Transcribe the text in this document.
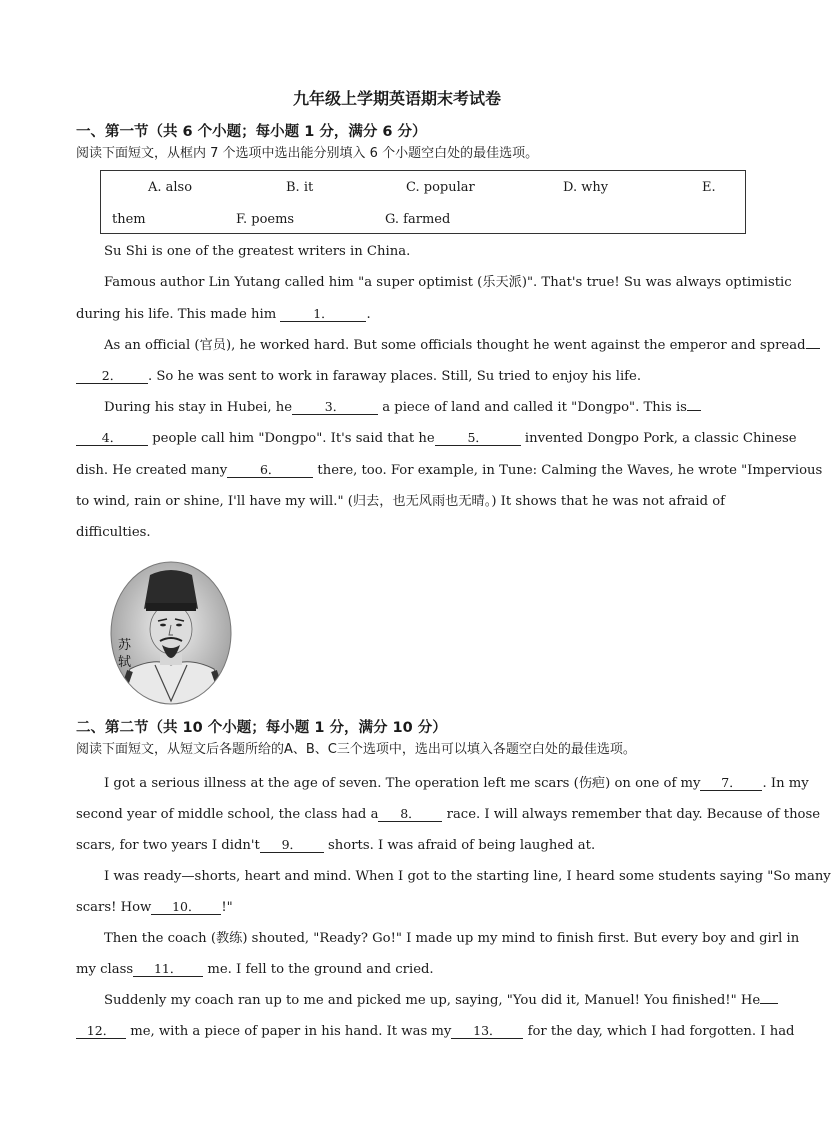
九年级上学期英语期末考试卷
一、第一节（共 6 个小题；每小题 1 分，满分 6 分）
阅读下面短文，从框内 7 个选项中选出能分别填入 6 个小题空白处的最佳选项。
A. also	B. it	C. popular	D. why	E.
them	F. poems	G. farmed
Su Shi is one of the greatest writers in China.
Famous author Lin Yutang called him "a super optimist (乐天派)". That's true! Su was always optimistic
during his life. This made him	1． .
As an official (官员), he worked hard. But some officials thought he went against the emperor and spread
2． . So he was sent to work in faraway places. Still, Su tried to enjoy his life.
During his stay in Hubei, he	3．	a piece of land and called it "Dongpo". This is
4． people call him "Dongpo". It's said that he	5．	invented Dongpo Pork, a classic Chinese
dish. He created many	6．	there, too. For example, in Tune: Calming the Waves, he wrote "Impervious
to wind, rain or shine, I'll have my will." (归去，也无风雨也无晴。) It shows that he was not afraid of
difficulties.
苏 轼
二、第二节（共 10 个小题；每小题 1 分，满分 10 分）
阅读下面短文，从短文后各题所给的A、B、C三个选项中，选出可以填入各题空白处的最佳选项。
I got a serious illness at the age of seven. The operation left me scars (伤疤) on one of my 7． . In my
second year of middle school, the class had a 8． race. I will always remember that day. Because of those
scars, for two years I didn't 9． shorts. I was afraid of being laughed at.
I was ready—shorts, heart and mind. When I got to the starting line, I heard some students saying "So many
scars! How 10． !"
Then the coach (教练) shouted, "Ready? Go!" I made up my mind to finish first. But every boy and girl in
my class 11． me. I fell to the ground and cried.
Suddenly my coach ran up to me and picked me up, saying, "You did it, Manuel! You finished!" He
12． me, with a piece of paper in his hand. It was my 13． for the day, which I had forgotten. I had
